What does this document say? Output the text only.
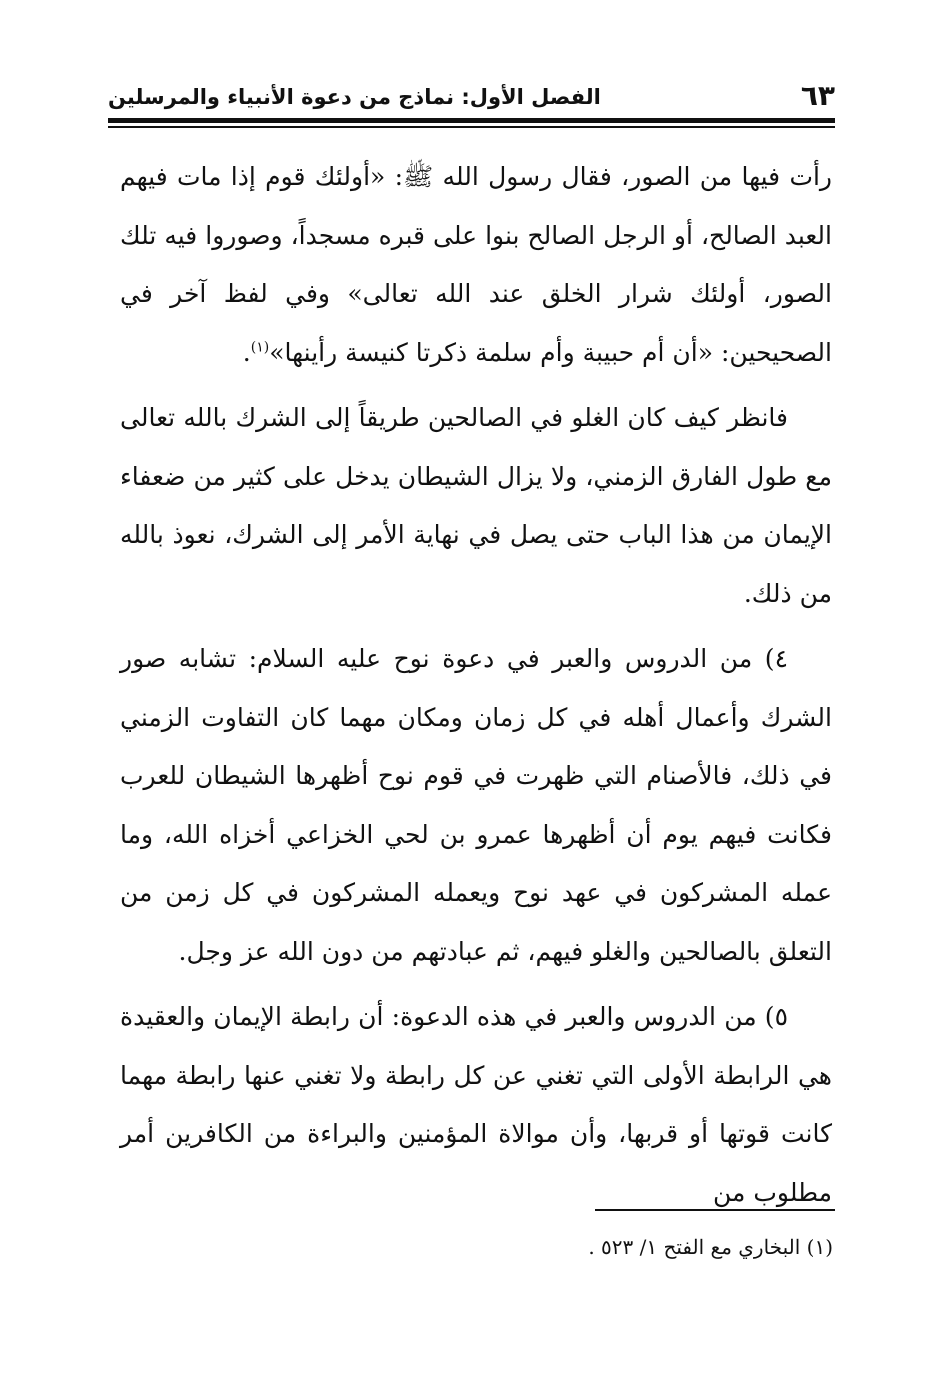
٦٣
الفصل الأول: نماذج من دعوة الأنبياء والمرسلين

رأت فيها من الصور، فقال رسول الله ﷺ: «أولئك قوم إذا مات فيهم العبد الصالح، أو الرجل الصالح بنوا على قبره مسجداً، وصوروا فيه تلك الصور، أولئك شرار الخلق عند الله تعالى» وفي لفظ آخر في الصحيحين: «أن أم حبيبة وأم سلمة ذكرتا كنيسة رأينها»$^{(١)}$.

فانظر كيف كان الغلو في الصالحين طريقاً إلى الشرك بالله تعالى مع طول الفارق الزمني، ولا يزال الشيطان يدخل على كثير من ضعفاء الإيمان من هذا الباب حتى يصل في نهاية الأمر إلى الشرك، نعوذ بالله من ذلك.

٤) من الدروس والعبر في دعوة نوح عليه السلام: تشابه صور الشرك وأعمال أهله في كل زمان ومكان مهما كان التفاوت الزمني في ذلك، فالأصنام التي ظهرت في قوم نوح أظهرها الشيطان للعرب فكانت فيهم يوم أن أظهرها عمرو بن لحي الخزاعي أخزاه الله، وما عمله المشركون في عهد نوح ويعمله المشركون في كل زمن من التعلق بالصالحين والغلو فيهم، ثم عبادتهم من دون الله عز وجل.

٥) من الدروس والعبر في هذه الدعوة: أن رابطة الإيمان والعقيدة هي الرابطة الأولى التي تغني عن كل رابطة ولا تغني عنها رابطة مهما كانت قوتها أو قربها، وأن موالاة المؤمنين والبراءة من الكافرين أمر مطلوب من

(١) البخاري مع الفتح ١/ ٥٢٣ .
